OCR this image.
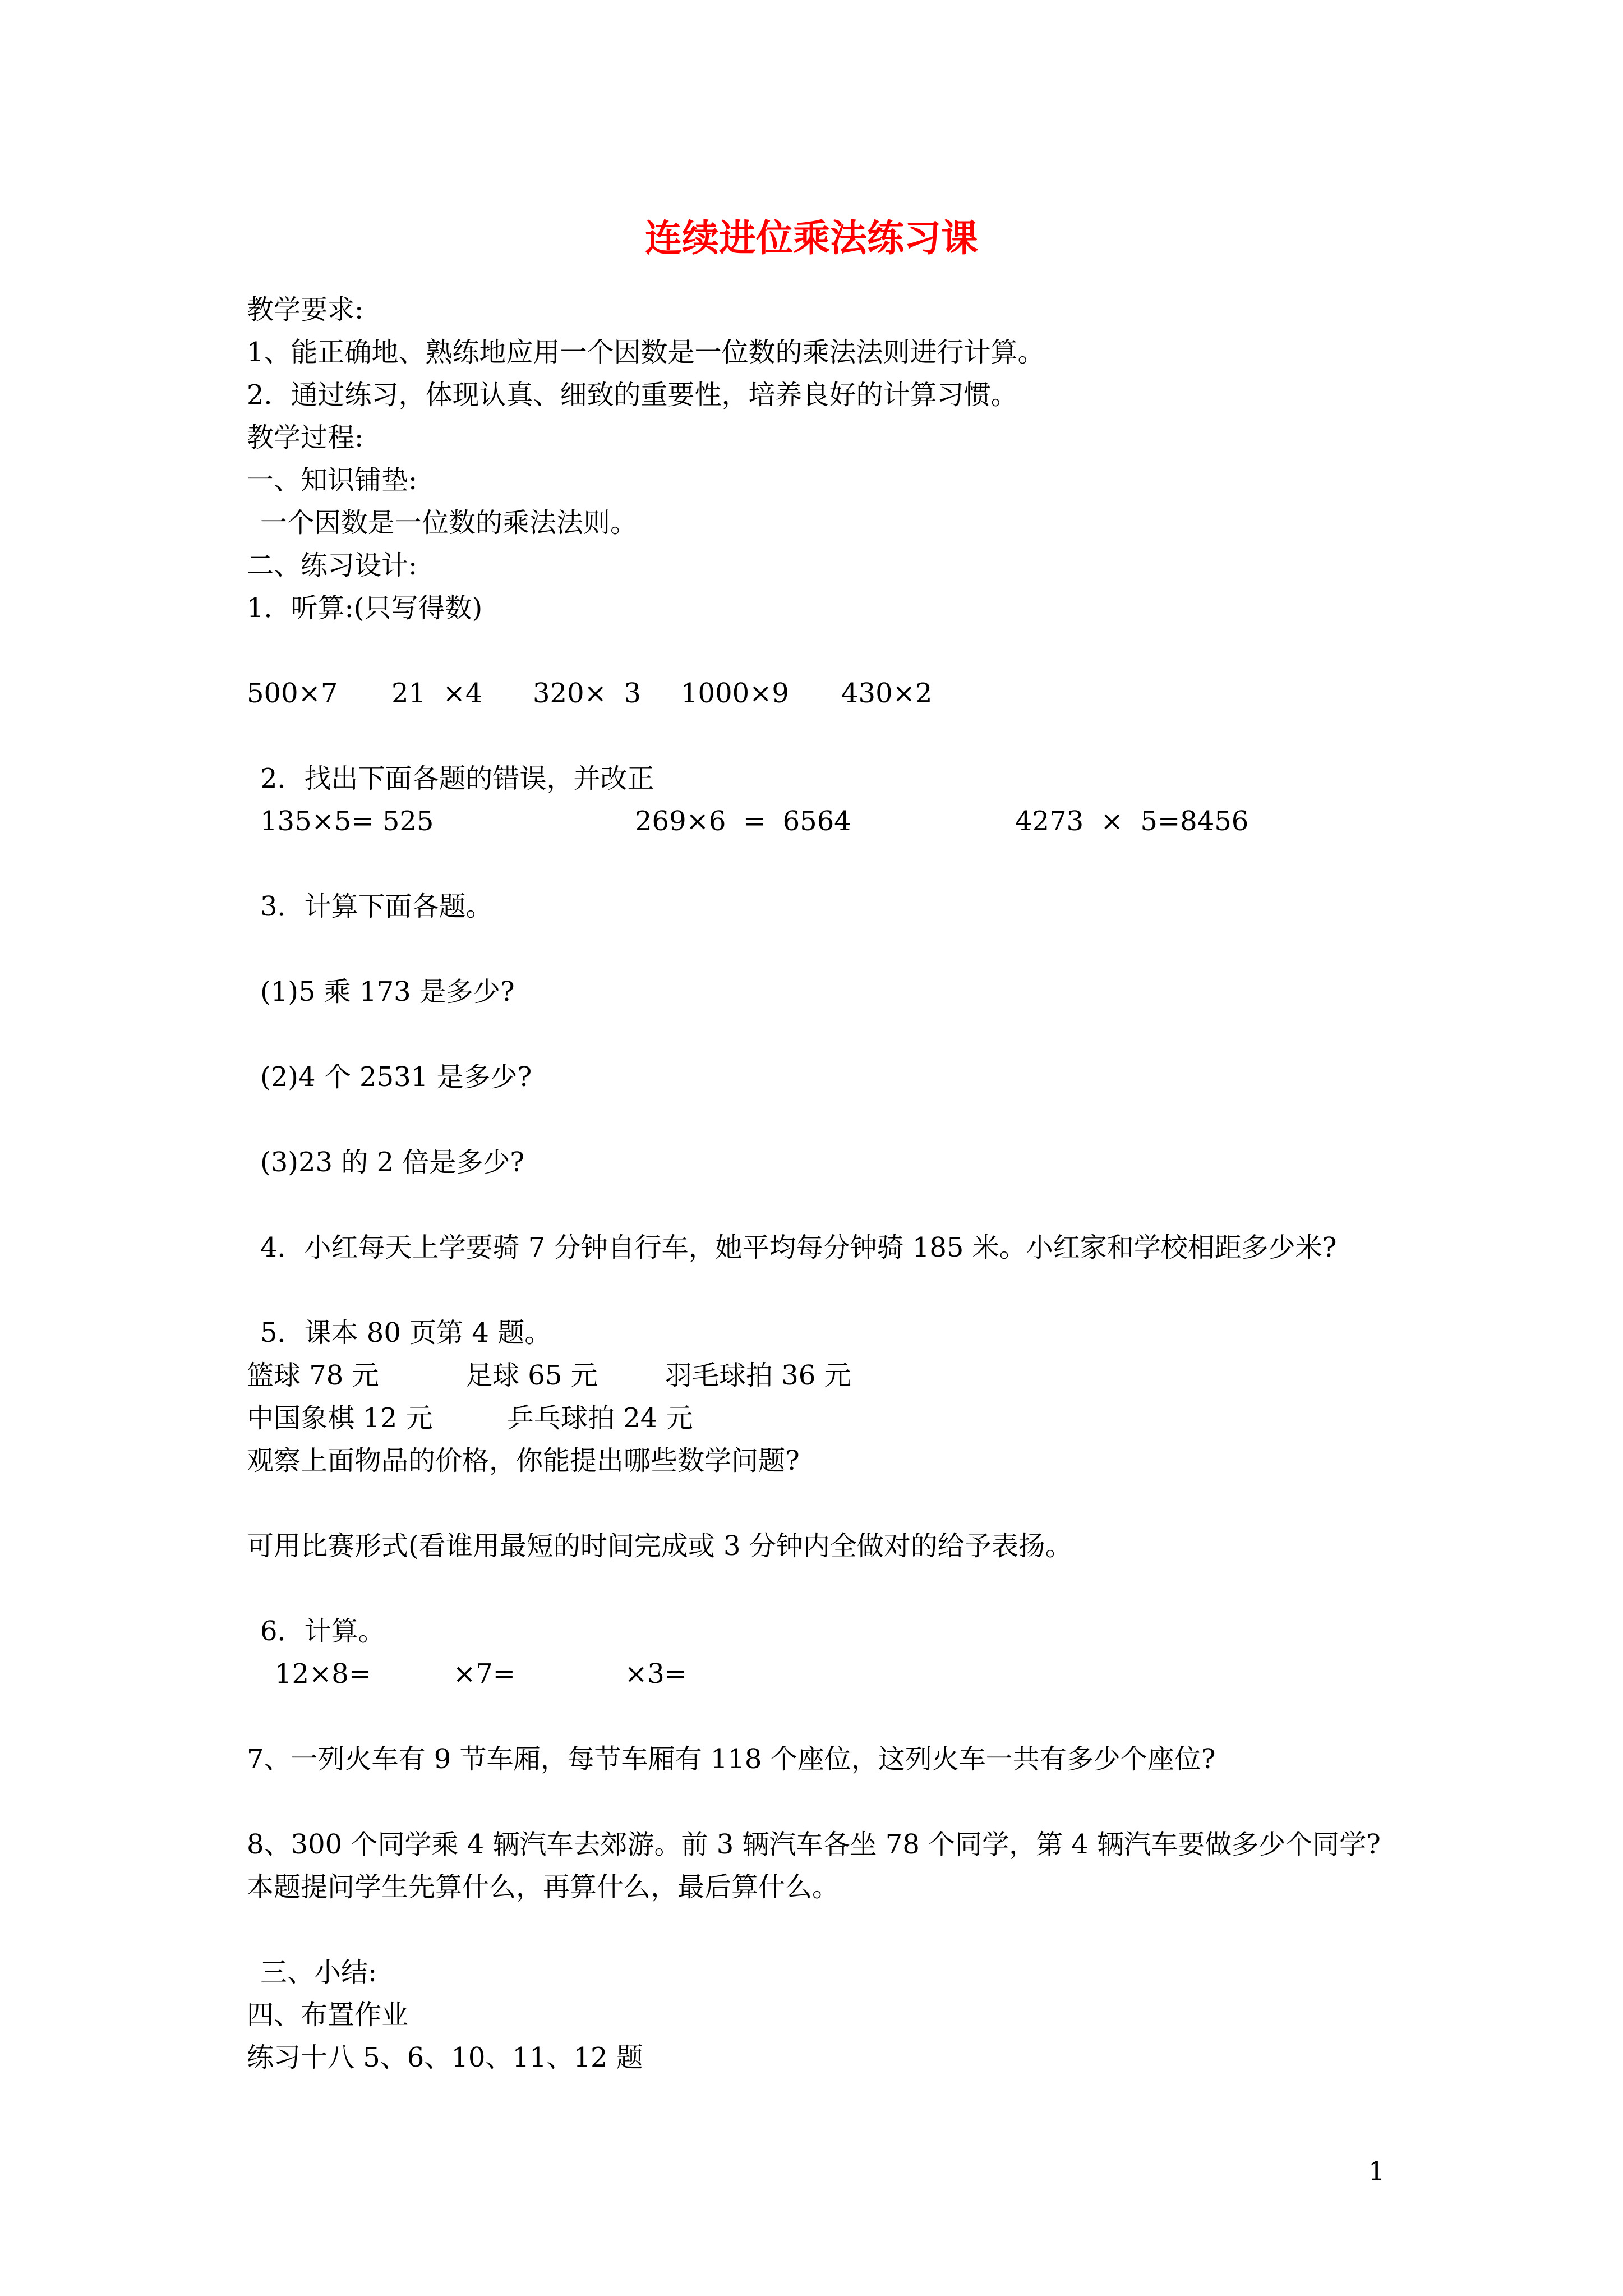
连续进位乘法练习课
教学要求:
1、能正确地、熟练地应用一个因数是一位数的乘法法则进行计算。
2．通过练习，体现认真、细致的重要性，培养良好的计算习惯。
教学过程:
一、知识铺垫:
一个因数是一位数的乘法法则。
二、练习设计:
1．听算:(只写得数)
500×7 21  ×4 320×  3 1000×9 430×2
2．找出下面各题的错误，并改正
135×5= 525	269×6  =  6564	4273  ×  5=8456
3．计算下面各题。
(1)5 乘 173 是多少?
(2)4 个 2531 是多少?
(3)23 的 2 倍是多少?
4．小红每天上学要骑 7 分钟自行车，她平均每分钟骑 185 米。小红家和学校相距多少米?
5．课本 80 页第 4 题。
篮球 78 元	足球 65 元	羽毛球拍 36 元
中国象棋 12 元	乒乓球拍 24 元
观察上面物品的价格，你能提出哪些数学问题?
可用比赛形式(看谁用最短的时间完成或 3 分钟内全做对的给予表扬。
6．计算。
12×8=	×7=	×3=
7、一列火车有 9 节车厢，每节车厢有 118 个座位，这列火车一共有多少个座位?
8、300 个同学乘 4 辆汽车去郊游。前 3 辆汽车各坐 78 个同学，第 4 辆汽车要做多少个同学?
本题提问学生先算什么，再算什么，最后算什么。
三、小结:
四、布置作业
练习十八 5、6、10、11、12 题
1
